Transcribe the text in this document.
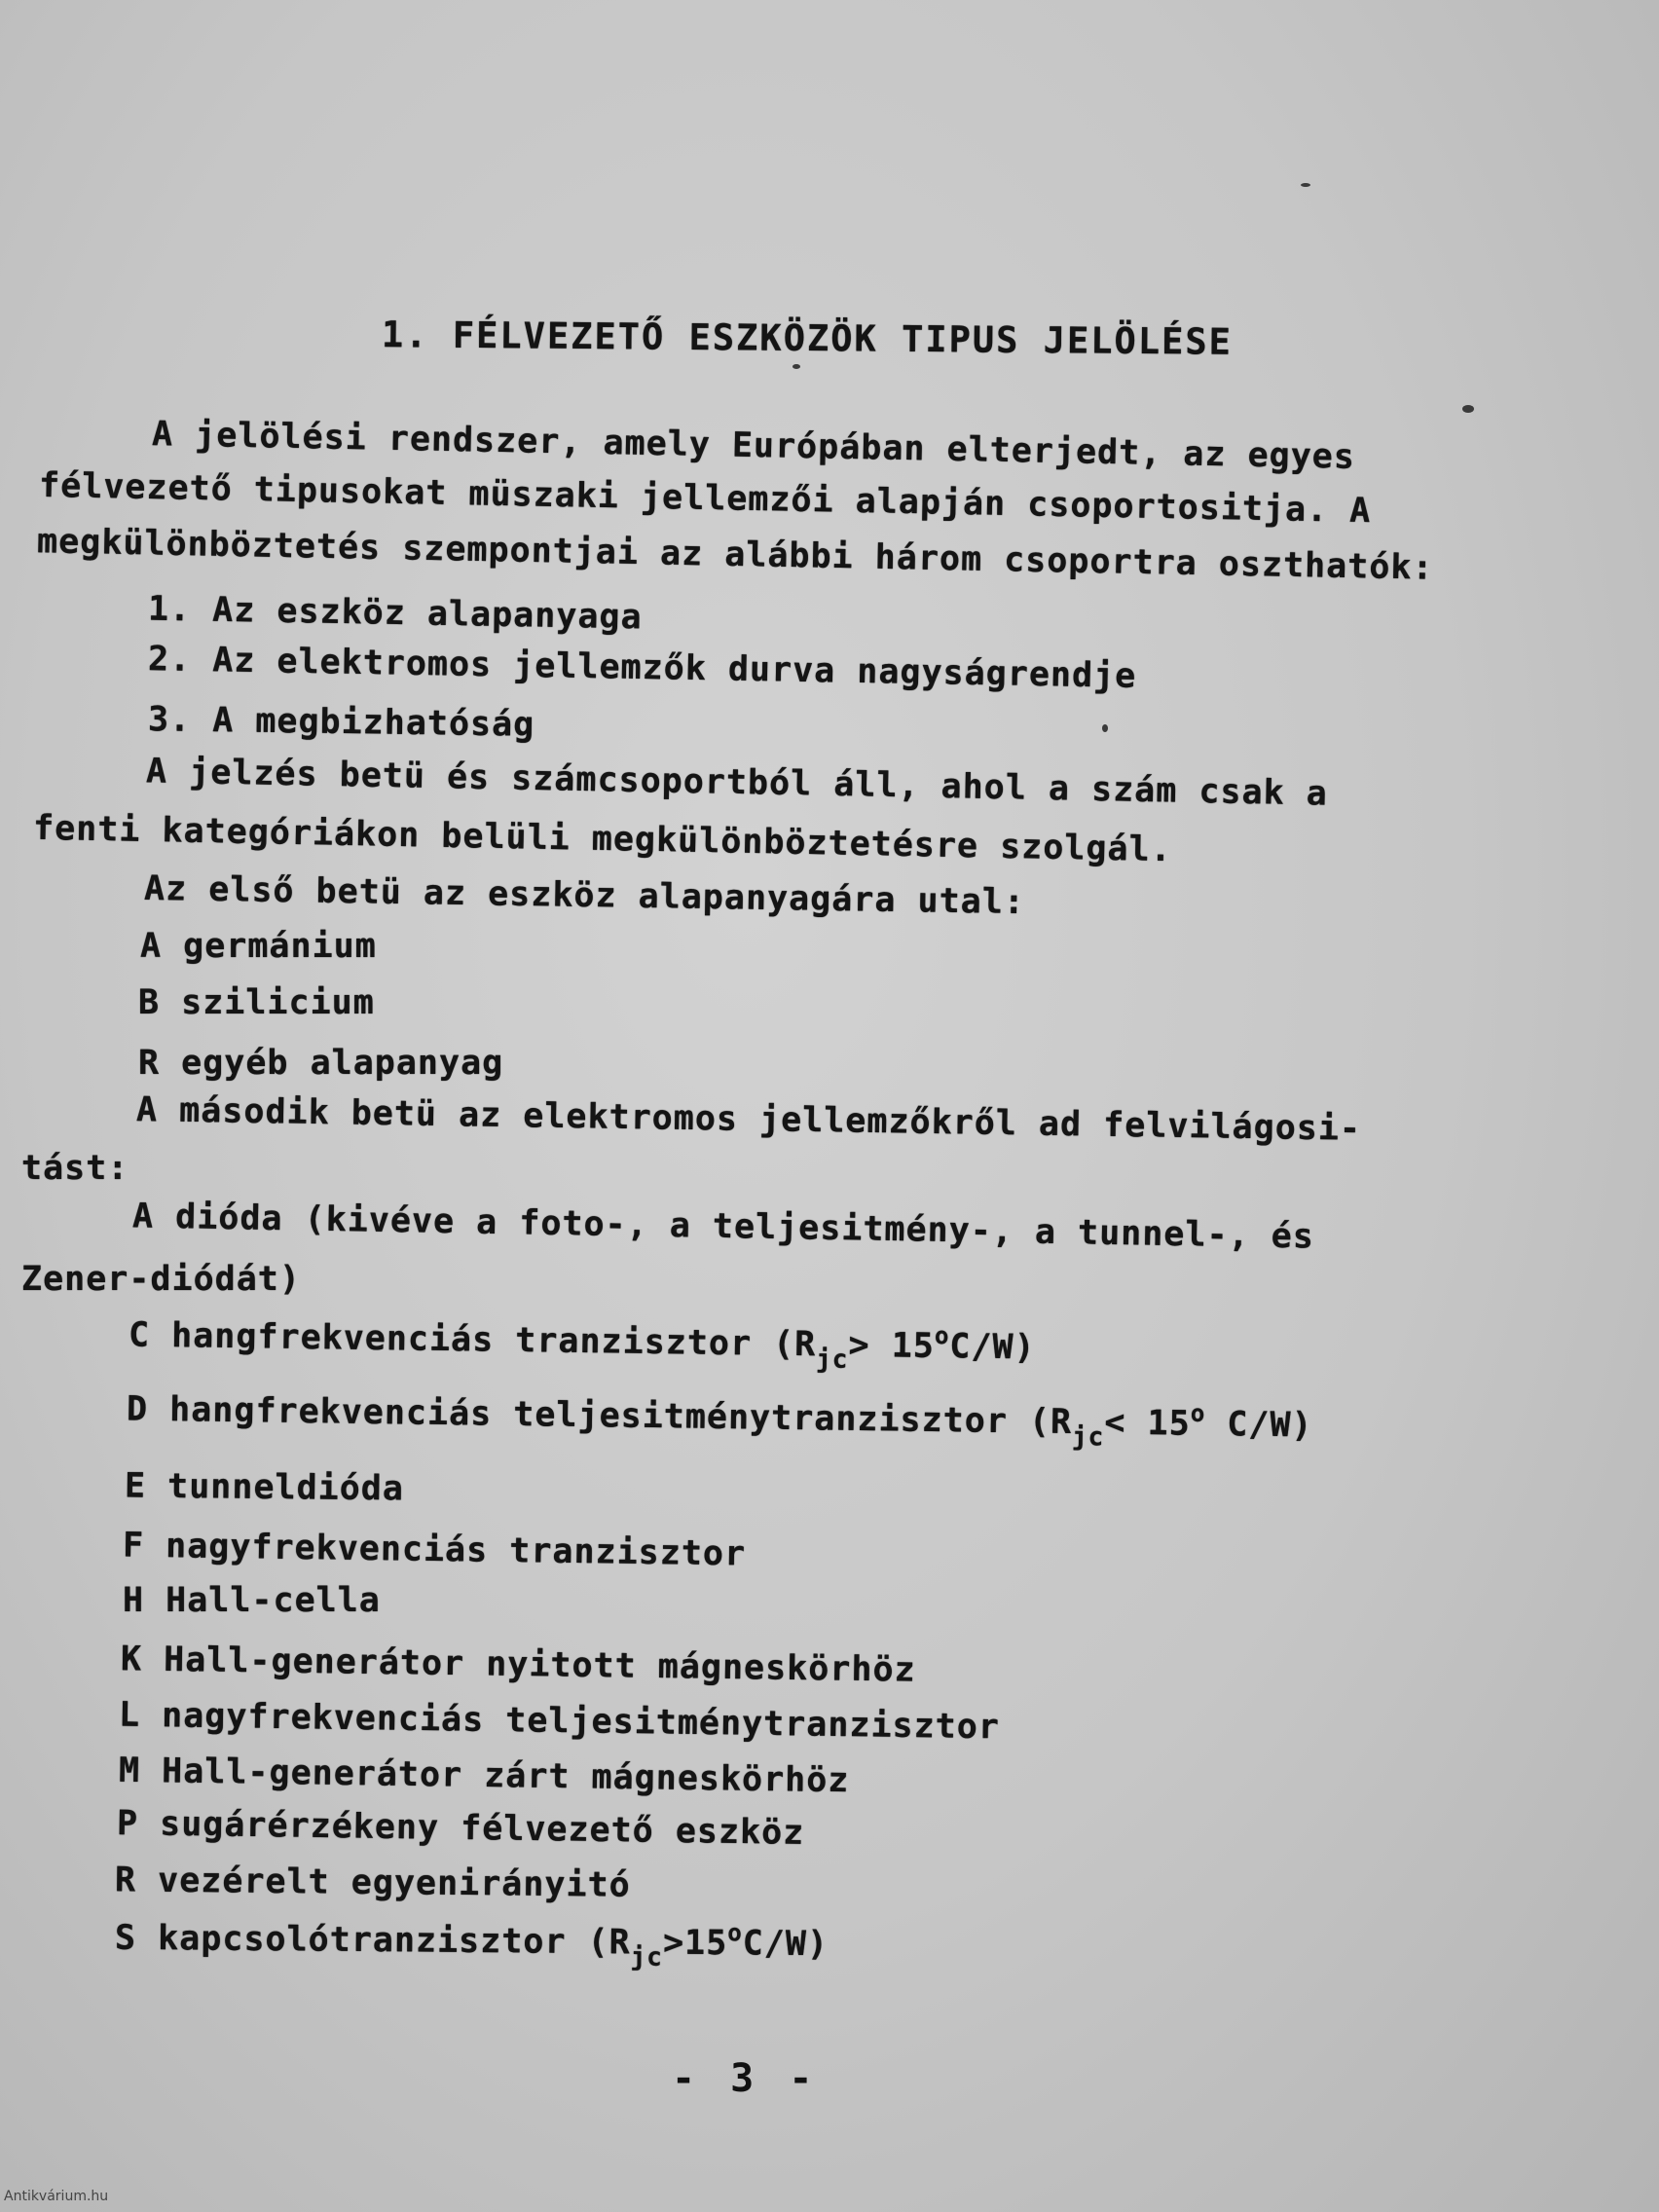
1. FÉLVEZETŐ ESZKÖZÖK TIPUS JELÖLÉSE
A jelölési rendszer, amely Európában elterjedt, az egyes
félvezető tipusokat müszaki jellemzői alapján csoportositja. A
megkülönböztetés szempontjai az alábbi három csoportra oszthatók:
1. Az eszköz alapanyaga
2. Az elektromos jellemzők durva nagyságrendje
3. A megbizhatóság
A jelzés betü és számcsoportból áll, ahol a szám csak a
fenti kategóriákon belüli megkülönböztetésre szolgál.
Az első betü az eszköz alapanyagára utal:
A germánium
B szilicium
R egyéb alapanyag
A második betü az elektromos jellemzőkről ad felvilágosi-
tást:
A dióda (kivéve a foto-, a teljesitmény-, a tunnel-, és
Zener-diódát)
C hangfrekvenciás tranzisztor $(R_{jc}> 15^oC/W)$
D hangfrekvenciás teljesitménytranzisztor ($R_{jc}< 15^o$ C/W)
E tunneldióda
F nagyfrekvenciás tranzisztor
H Hall-cella
K Hall-generátor nyitott mágneskörhöz
L nagyfrekvenciás teljesitménytranzisztor
M Hall-generátor zárt mágneskörhöz
P sugárérzékeny félvezető eszköz
R vezérelt egyenirányitó
S kapcsolótranzisztor $(R_{jc}>15^oC/W)$
- 3 -
Antikvárium.hu
